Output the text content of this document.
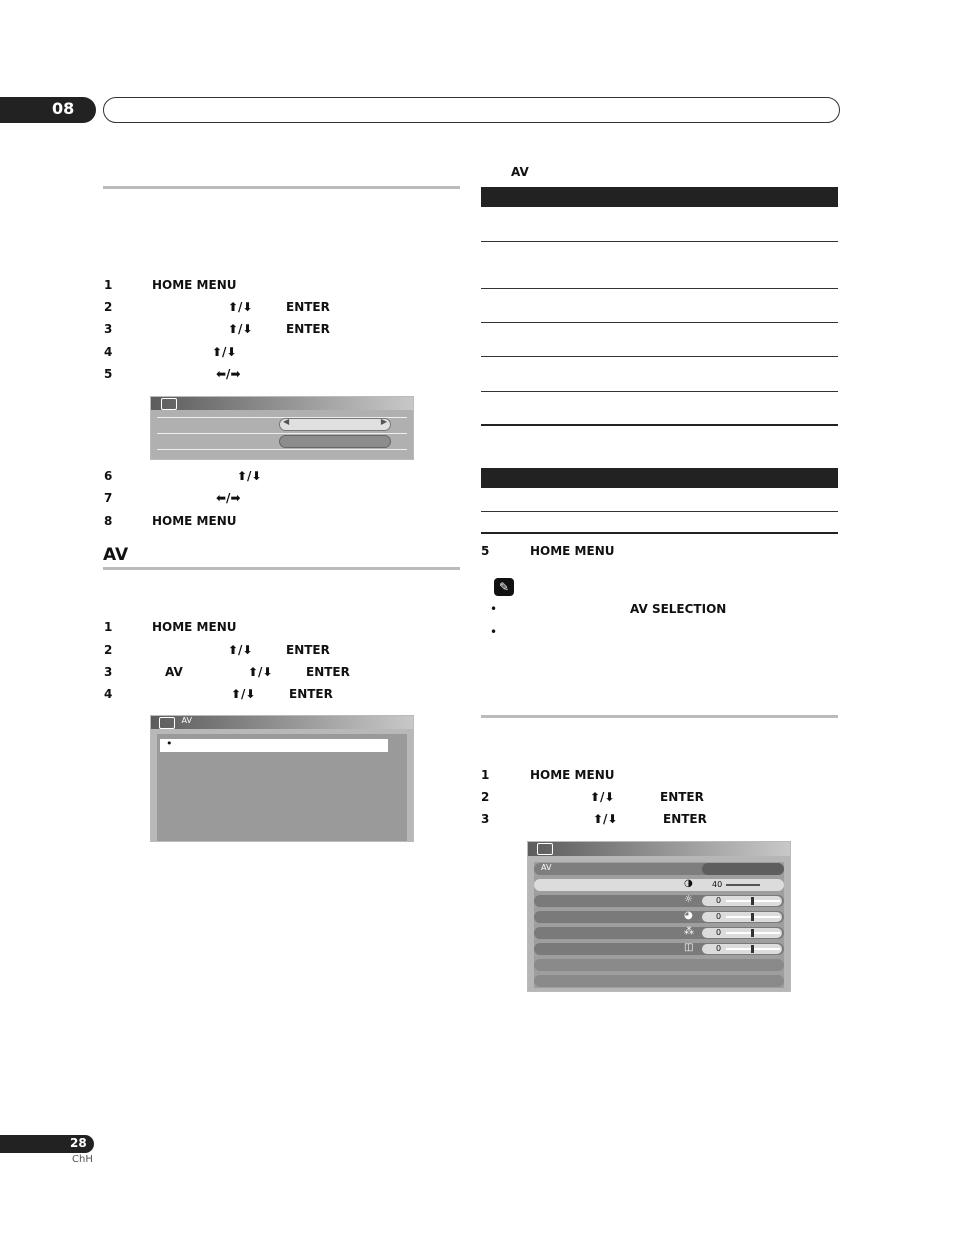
08
1	HOME MENU
2	⬆/⬇	ENTER
3	⬆/⬇	ENTER
4	⬆/⬇
5	⬅/➡
◀	▶
6	⬆/⬇
7	⬅/➡
8	HOME MENU
AV
1	HOME MENU
2	⬆/⬇	ENTER
3	AV	⬆/⬇	ENTER
4	⬆/⬇	ENTER
AV
•
AV
5	HOME MENU
✎
•	AV SELECTION
•
1	HOME MENU
2	⬆/⬇	ENTER
3	⬆/⬇	ENTER
AV
◑ 40
☼	0
◕	0
⁂	0
◫	0
28
ChH
